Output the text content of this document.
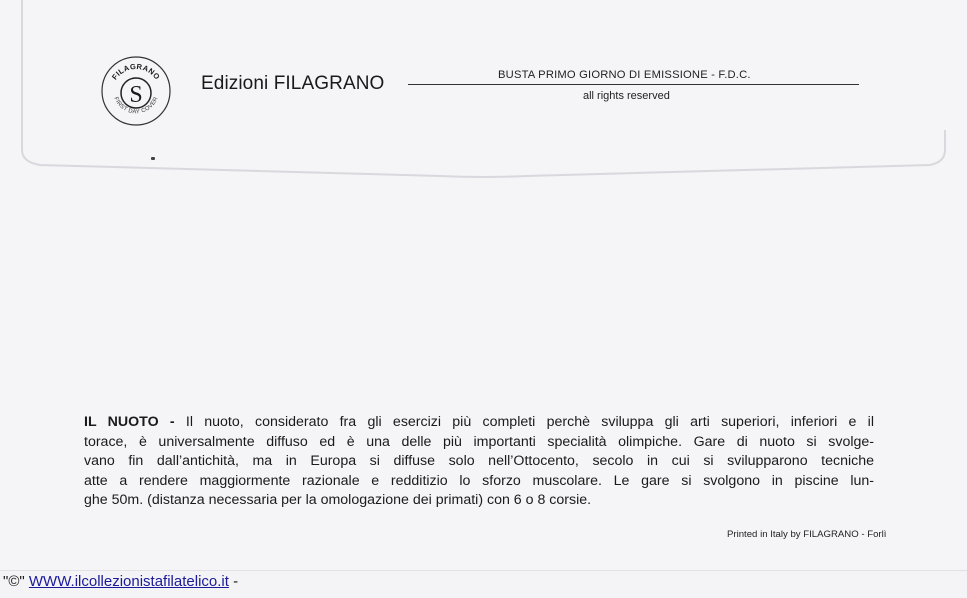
S
FILAGRANO
FIRST DAY COVER
Edizioni FILAGRANO	BUSTA PRIMO GIORNO DI EMISSIONE - F.D.C.
all rights reserved
IL NUOTO - Il nuoto, considerato fra gli esercizi più completi perchè sviluppa gli arti superiori, inferiori e il
torace, è universalmente diffuso ed è una delle più importanti specialità olimpiche. Gare di nuoto si svolge-
vano fin dall’antichità, ma in Europa si diffuse solo nell’Ottocento, secolo in cui si svilupparono tecniche
atte a rendere maggiormente razionale e redditizio lo sforzo muscolare. Le gare si svolgono in piscine lun-
ghe 50m. (distanza necessaria per la omologazione dei primati) con 6 o 8 corsie.
Printed in Italy by FILAGRANO - Forlì
"©" WWW.ilcollezionistafilatelico.it -
